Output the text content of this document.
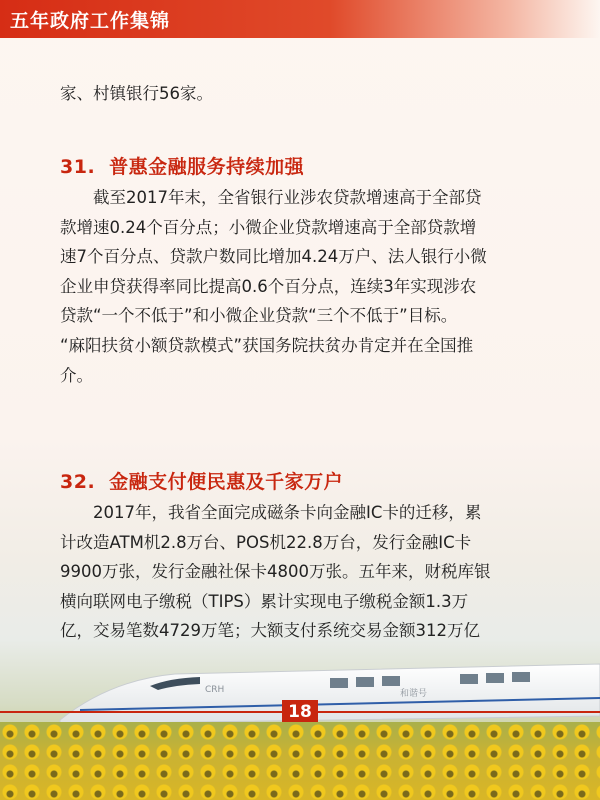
五年政府工作集锦
家、村镇银行56家。
31. 普惠金融服务持续加强
　　截至2017年末，全省银行业涉农贷款增速高于全部贷
款增速0.24个百分点；小微企业贷款增速高于全部贷款增
速7个百分点、贷款户数同比增加4.24万户、法人银行小微
企业申贷获得率同比提高0.6个百分点，连续3年实现涉农
贷款“一个不低于”和小微企业贷款“三个不低于”目标。
“麻阳扶贫小额贷款模式”获国务院扶贫办肯定并在全国推
介。
32. 金融支付便民惠及千家万户
　　2017年，我省全面完成磁条卡向金融IC卡的迁移，累
计改造ATM机2.8万台、POS机22.8万台，发行金融IC卡
9900万张，发行金融社保卡4800万张。五年来，财税库银
横向联网电子缴税（TIPS）累计实现电子缴税金额1.3万
亿，交易笔数4729万笔；大额支付系统交易金额312万亿
CRH	和谐号
18
